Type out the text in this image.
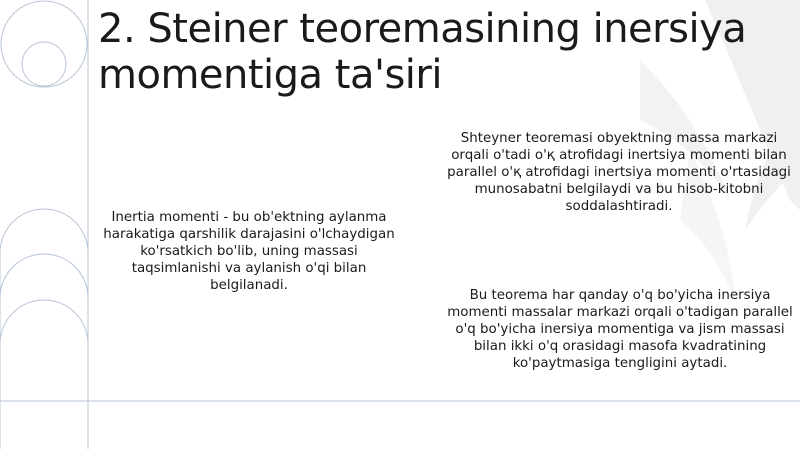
2. Steiner teoremasining inersiya momentiga ta'siri

Inertia momenti - bu ob'ektning aylanma harakatiga qarshilik darajasini o'lchaydigan ko'rsatkich bo'lib, uning massasi taqsimlanishi va aylanish o'qi bilan belgilanadi.

Shteyner teoremasi obyektning massa markazi orqali o'tadi o'қ atrofidagi inertsiya momenti bilan parallel o'қ atrofidagi inertsiya momenti o'rtasidagi munosabatni belgilaydi va bu hisob-kitobni soddalashtiradi.

Bu teorema har qanday o'q bo'yicha inersiya momenti massalar markazi orqali o'tadigan parallel o'q bo'yicha inersiya momentiga va jism massasi bilan ikki o'q orasidagi masofa kvadratining ko'paytmasiga tengligini aytadi.
